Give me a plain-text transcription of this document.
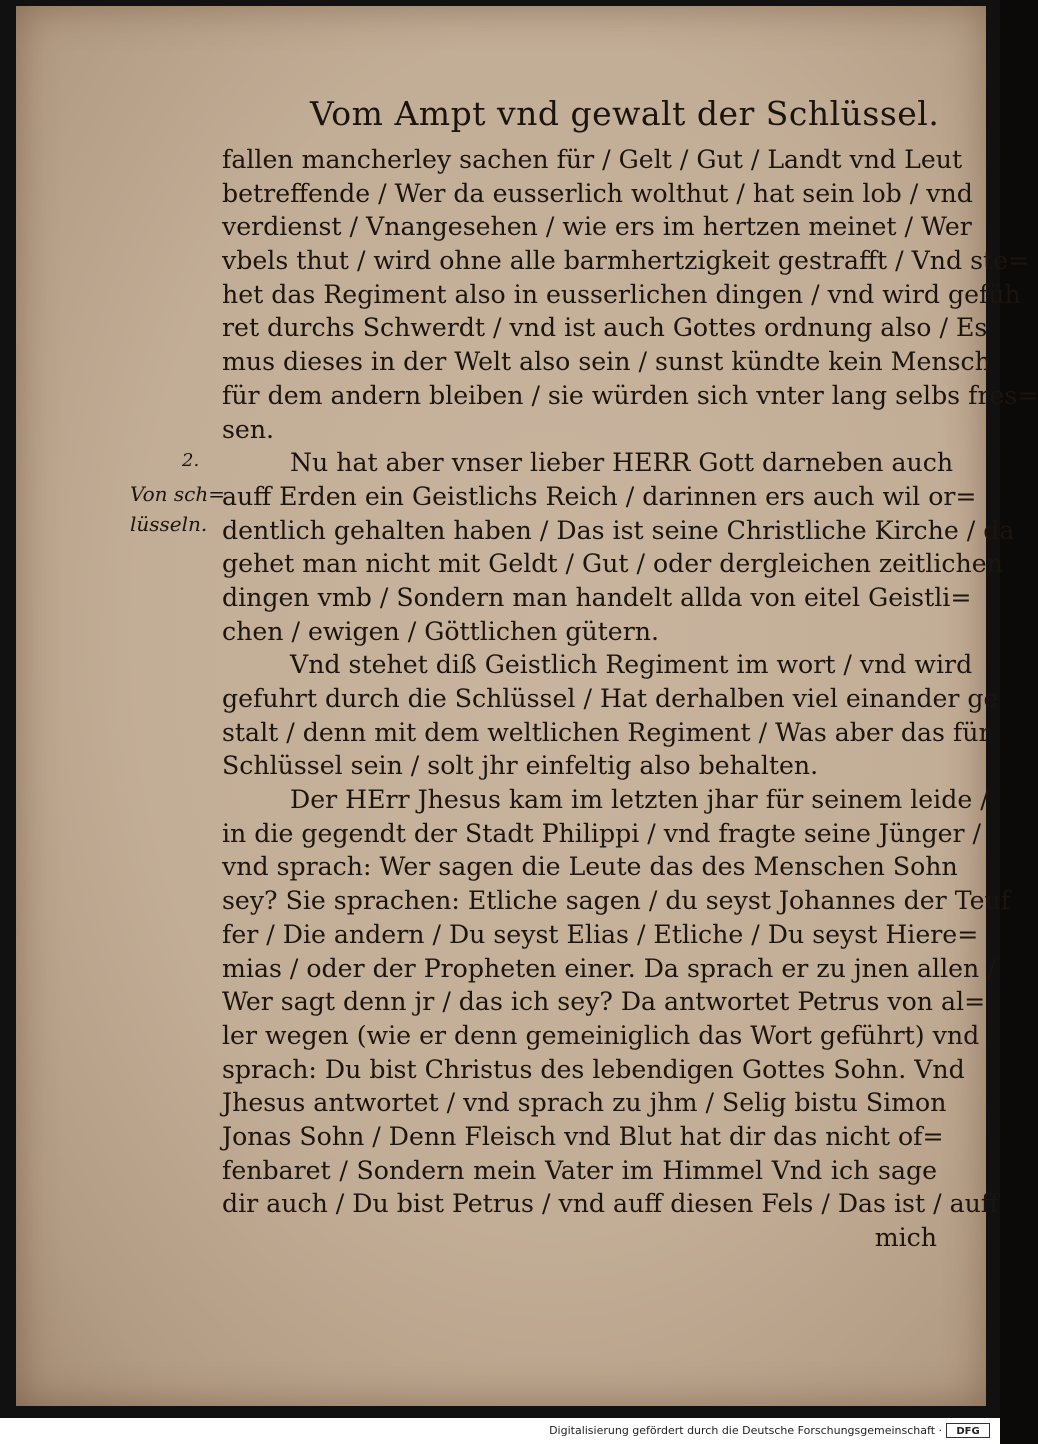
Vom Ampt vnd gewalt der Schlüssel.
2.
Von sch=
lüsseln.
fallen mancherley sachen für / Gelt / Gut / Landt vnd Leut
betreffende / Wer da eusserlich wolthut / hat sein lob / vnd
verdienst / Vnangesehen / wie ers im hertzen meinet / Wer
vbels thut / wird ohne alle barmhertzigkeit gestrafft / Vnd ste=
het das Regiment also in eusserlichen dingen / vnd wird gefüh
ret durchs Schwerdt / vnd ist auch Gottes ordnung also / Es
mus dieses in der Welt also sein / sunst kündte kein Mensch
für dem andern bleiben / sie würden sich vnter lang selbs fres=
sen.
Nu hat aber vnser lieber HERR Gott darneben auch
auff Erden ein Geistlichs Reich / darinnen ers auch wil or=
dentlich gehalten haben / Das ist seine Christliche Kirche / da
gehet man nicht mit Geldt / Gut / oder dergleichen zeitlichen
dingen vmb / Sondern man handelt allda von eitel Geistli=
chen / ewigen / Göttlichen gütern.
Vnd stehet diß Geistlich Regiment im wort / vnd wird
gefuhrt durch die Schlüssel / Hat derhalben viel einander ge
stalt / denn mit dem weltlichen Regiment / Was aber das für
Schlüssel sein / solt jhr einfeltig also behalten.
Der HErr Jhesus kam im letzten jhar für seinem leide /
in die gegendt der Stadt Philippi / vnd fragte seine Jünger /
vnd sprach: Wer sagen die Leute das des Menschen Sohn
sey? Sie sprachen: Etliche sagen / du seyst Johannes der Teuf
fer / Die andern / Du seyst Elias / Etliche / Du seyst Hiere=
mias / oder der Propheten einer. Da sprach er zu jnen allen /
Wer sagt denn jr / das ich sey? Da antwortet Petrus von al=
ler wegen (wie er denn gemeiniglich das Wort geführt) vnd
sprach: Du bist Christus des lebendigen Gottes Sohn. Vnd
Jhesus antwortet / vnd sprach zu jhm / Selig bistu Simon
Jonas Sohn / Denn Fleisch vnd Blut hat dir das nicht of=
fenbaret / Sondern mein Vater im Himmel Vnd ich sage
dir auch / Du bist Petrus / vnd auff diesen Fels / Das ist / auff
mich
Digitalisierung gefördert durch die Deutsche Forschungsgemeinschaft ·	DFG
